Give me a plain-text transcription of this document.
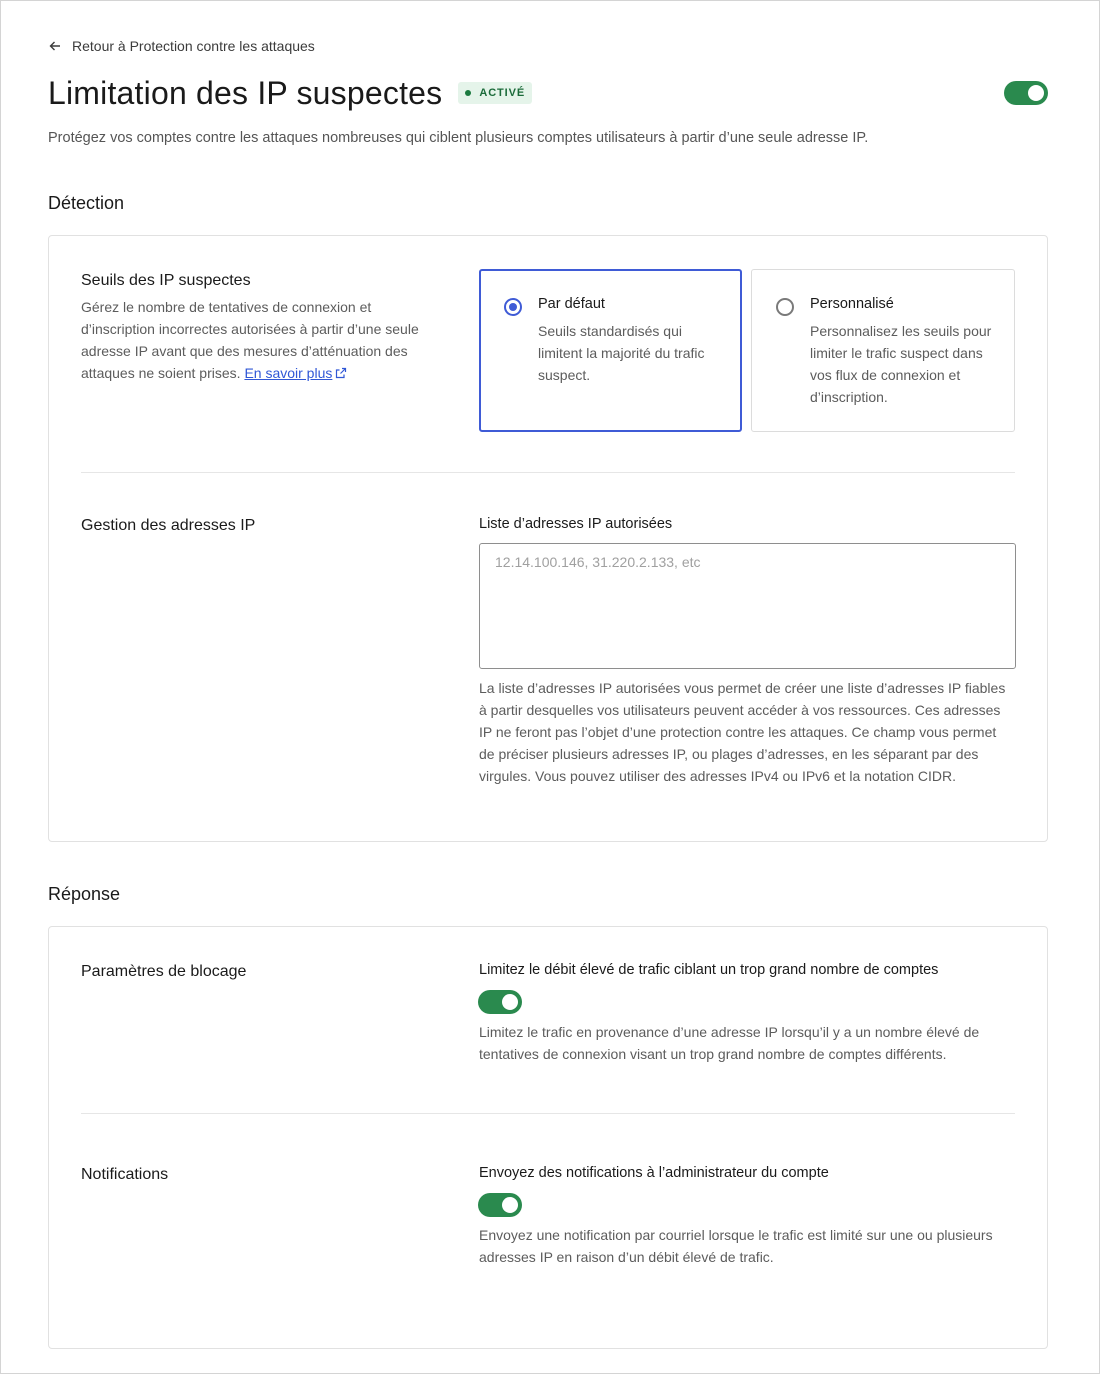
Retour à Protection contre les attaques
Limitation des IP suspectes	ACTIVÉ

Protégez vos comptes contre les attaques nombreuses qui ciblent plusieurs comptes utilisateurs à partir d’une seule adresse IP.

Détection
Seuils des IP suspectes
Gérez le nombre de tentatives de connexion et d’inscription incorrectes autorisées à partir d’une seule adresse IP avant que des mesures d’atténuation des attaques ne soient prises. En savoir plus
Par défaut
Seuils standardisés qui limitent la majorité du trafic suspect.
Personnalisé
Personnalisez les seuils pour limiter le trafic suspect dans vos flux de connexion et d’inscription.
Gestion des adresses IP	Liste d’adresses IP autorisées
12.14.100.146, 31.220.2.133, etc
La liste d’adresses IP autorisées vous permet de créer une liste d’adresses IP fiables à partir desquelles vos utilisateurs peuvent accéder à vos ressources. Ces adresses IP ne feront pas l’objet d’une protection contre les attaques. Ce champ vous permet de préciser plusieurs adresses IP, ou plages d’adresses, en les séparant par des virgules. Vous pouvez utiliser des adresses IPv4 ou IPv6 et la notation CIDR.
Réponse
Paramètres de blocage	Limitez le débit élevé de trafic ciblant un trop grand nombre de comptes
Limitez le trafic en provenance d’une adresse IP lorsqu’il y a un nombre élevé de tentatives de connexion visant un trop grand nombre de comptes différents.
Notifications	Envoyez des notifications à l’administrateur du compte
Envoyez une notification par courriel lorsque le trafic est limité sur une ou plusieurs adresses IP en raison d’un débit élevé de trafic.
